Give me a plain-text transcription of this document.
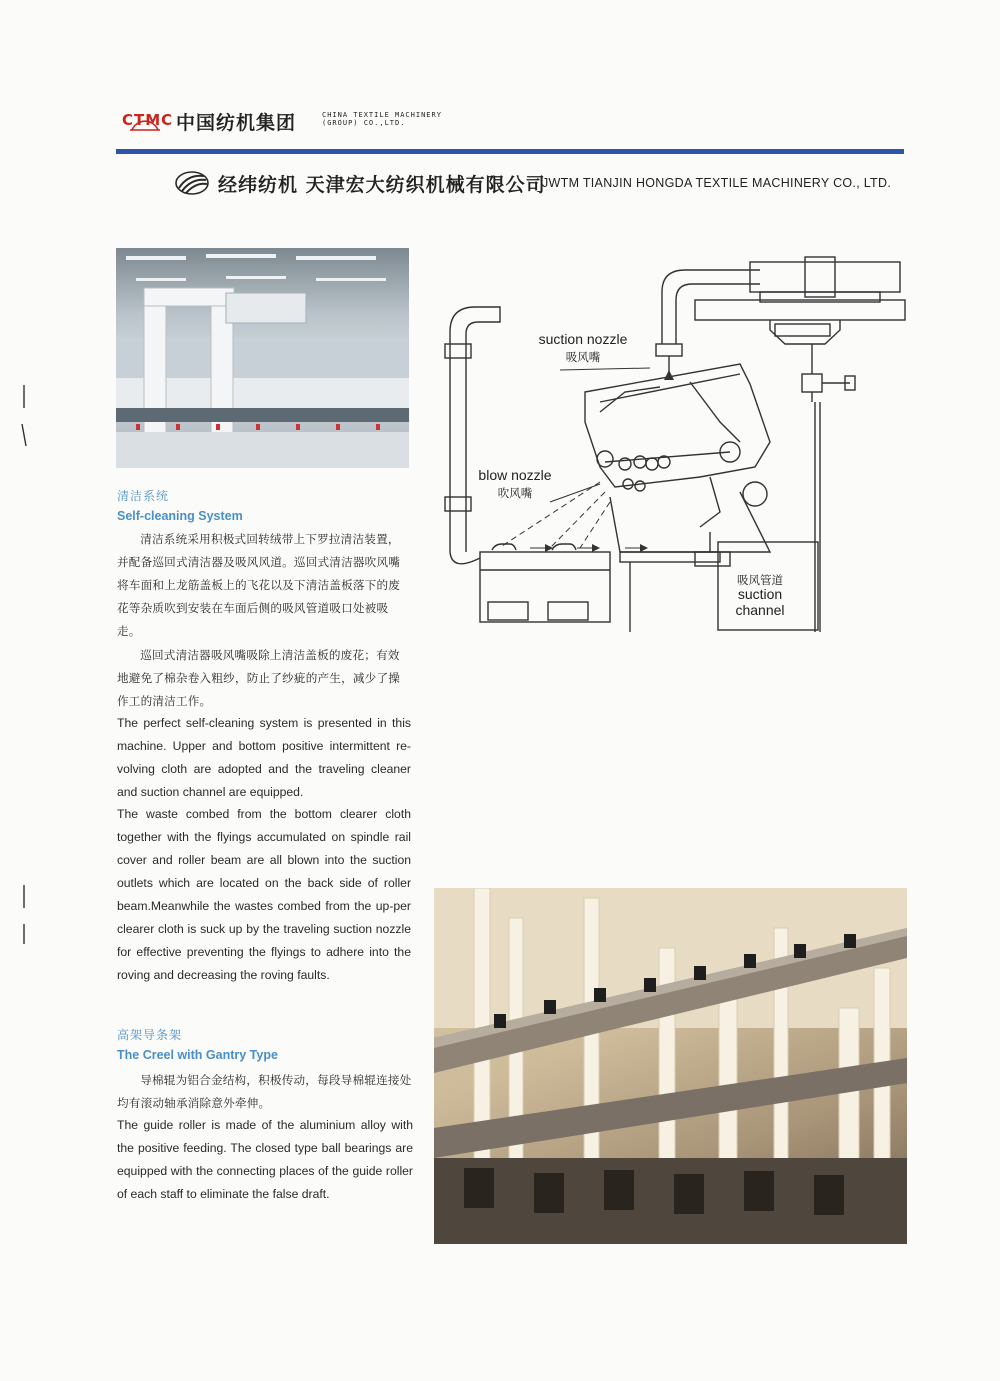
CTMC 中国纺机集团	CHINA TEXTILE MACHINERY
(GROUP) CO.,LTD.
经纬纺机 天津宏大纺织机械有限公司
JWTM TIANJIN HONGDA TEXTILE MACHINERY CO., LTD.
清洁系统
Self-cleaning System
清洁系统采用积极式回转绒带上下罗拉清洁装置，并配备巡回式清洁器及吸风风道。巡回式清洁器吹风嘴将车面和上龙筋盖板上的飞花以及下清洁盖板落下的废花等杂质吹到安装在车面后侧的吸风管道吸口处被吸走。
巡回式清洁器吸风嘴吸除上清洁盖板的废花；有效地避免了棉杂卷入粗纱，防止了纱疵的产生，减少了操作工的清洁工作。
The perfect self-cleaning system is presented in this machine. Upper and bottom positive intermittent re-volving cloth are adopted and the traveling cleaner and suction channel are equipped.
The waste combed from the bottom clearer cloth together with the flyings accumulated on spindle rail cover and roller beam are all blown into the suction outlets which are located on the back side of roller beam.Meanwhile the wastes combed from the up-per clearer cloth is suck up by the traveling suction nozzle for effective preventing the flyings to adhere into the roving and decreasing the roving faults.
suction nozzle
吸风嘴
blow nozzle
吹风嘴
吸风管道
suction
channel
高架导条架
The Creel with Gantry Type
导棉辊为铝合金结构，积极传动，每段导棉辊连接处均有滚动轴承消除意外牵伸。
The guide roller is made of the aluminium alloy with the positive feeding. The closed type ball bearings are equipped with the connecting places of the guide roller of each staff to eliminate the false draft.
